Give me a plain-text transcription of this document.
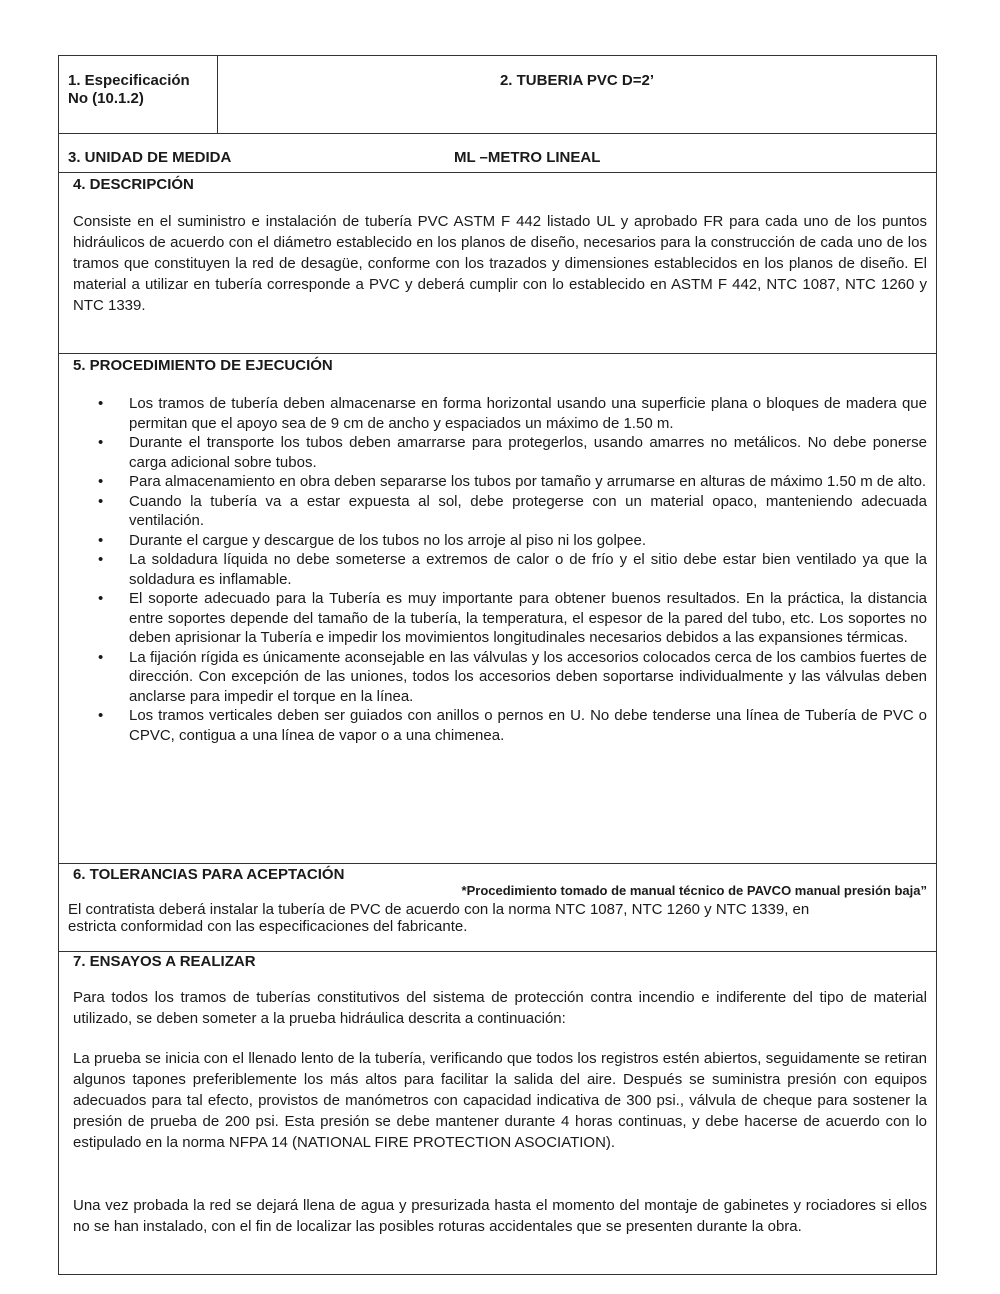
1. Especificación
No (10.1.2)
2. TUBERIA PVC D=2’
3. UNIDAD DE MEDIDA	ML –METRO LINEAL
4. DESCRIPCIÓN

Consiste en el suministro e instalación de tubería PVC ASTM F 442 listado UL y aprobado FR para cada uno de los puntos hidráulicos de acuerdo con el diámetro establecido en los planos de diseño, necesarios para la construcción de cada uno de los tramos que constituyen la red de desagüe, conforme con los trazados y dimensiones establecidos en los planos de diseño. El material a utilizar en tubería corresponde a PVC y deberá cumplir con lo establecido en ASTM F 442, NTC 1087, NTC 1260 y NTC 1339.

5. PROCEDIMIENTO DE EJECUCIÓN
• Los tramos de tubería deben almacenarse en forma horizontal usando una superficie plana o bloques de madera que permitan que el apoyo sea de 9 cm de ancho y espaciados un máximo de 1.50 m.
• Durante el transporte los tubos deben amarrarse para protegerlos, usando amarres no metálicos. No debe ponerse carga adicional sobre tubos.
• Para almacenamiento en obra deben separarse los tubos por tamaño y arrumarse en alturas de máximo 1.50 m de alto.
• Cuando la tubería va a estar expuesta al sol, debe protegerse con un material opaco, manteniendo adecuada ventilación.
• Durante el cargue y descargue de los tubos no los arroje al piso ni los golpee.
• La soldadura líquida no debe someterse a extremos de calor o de frío y el sitio debe estar bien ventilado ya que la soldadura es inflamable.
• El soporte adecuado para la Tubería es muy importante para obtener buenos resultados. En la práctica, la distancia entre soportes depende del tamaño de la tubería, la temperatura, el espesor de la pared del tubo, etc. Los soportes no deben aprisionar la Tubería e impedir los movimientos longitudinales necesarios debidos a las expansiones térmicas.
• La fijación rígida es únicamente aconsejable en las válvulas y los accesorios colocados cerca de los cambios fuertes de dirección. Con excepción de las uniones, todos los accesorios deben soportarse individualmente y las válvulas deben anclarse para impedir el torque en la línea.
• Los tramos verticales deben ser guiados con anillos o pernos en U. No debe tenderse una línea de Tubería de PVC o CPVC, contigua a una línea de vapor o a una chimenea.
*Procedimiento tomado de manual técnico de PAVCO manual presión baja”
6. TOLERANCIAS PARA ACEPTACIÓN
El contratista deberá instalar la tubería de PVC de acuerdo con la norma NTC 1087, NTC 1260 y NTC 1339, en
estricta conformidad con las especificaciones del fabricante.
7. ENSAYOS A REALIZAR

Para todos los tramos de tuberías constitutivos del sistema de protección contra incendio e indiferente del tipo de material utilizado, se deben someter a la prueba hidráulica descrita a continuación:

La prueba se inicia con el llenado lento de la tubería, verificando que todos los registros estén abiertos, seguidamente se retiran algunos tapones preferiblemente los más altos para facilitar la salida del aire. Después se suministra presión con equipos adecuados para tal efecto, provistos de manómetros con capacidad indicativa de 300 psi., válvula de cheque para sostener la presión de prueba de 200 psi. Esta presión se debe mantener durante 4 horas continuas, y debe hacerse de acuerdo con lo estipulado en la norma NFPA 14 (NATIONAL FIRE PROTECTION ASOCIATION).

Una vez probada la red se dejará llena de agua y presurizada hasta el momento del montaje de gabinetes y rociadores si ellos no se han instalado, con el fin de localizar las posibles roturas accidentales que se presenten durante la obra.
